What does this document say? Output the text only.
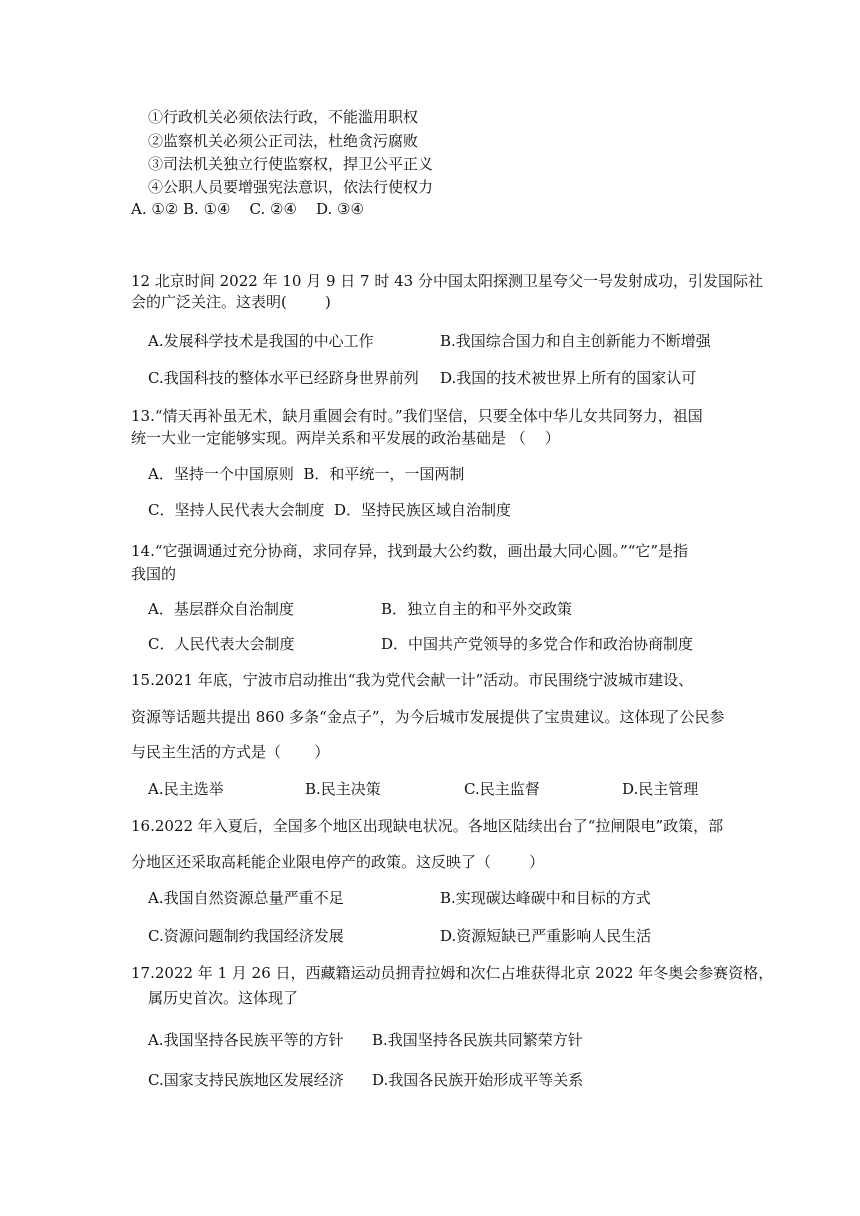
①行政机关必须依法行政，不能滥用职权
②监察机关必须公正司法，杜绝贪污腐败
③司法机关独立行使监察权，捍卫公平正义
④公职人员要增强宪法意识，依法行使权力
A. ①② B. ①④    C. ②④    D. ③④
12 北京时间 2022 年 10 月 9 日 7 时 43 分中国太阳探测卫星夸父一号发射成功，引发国际社
会的广泛关注。这表明(        )
A.发展科学技术是我国的中心工作	B.我国综合国力和自主创新能力不断增强
C.我国科技的整体水平已经跻身世界前列 D.我国的技术被世界上所有的国家认可
13.“情天再补虽无术，缺月重圆会有时。”我们坚信，只要全体中华儿女共同努力，祖国
统一大业一定能够实现。两岸关系和平发展的政治基础是 （    ）
A．坚持一个中国原则  B．和平统一，一国两制
C．坚持人民代表大会制度  D．坚持民族区域自治制度
14.“它强调通过充分协商，求同存异，找到最大公约数，画出最大同心圆。”“它”是指
我国的
A．基层群众自治制度	B．独立自主的和平外交政策
C．人民代表大会制度	D．中国共产党领导的多党合作和政治协商制度
15.2021 年底，宁波市启动推出“我为党代会献一计”活动。市民围绕宁波城市建设、
资源等话题共提出 860 多条“金点子”，为今后城市发展提供了宝贵建议。这体现了公民参
与民主生活的方式是（       ）
A.民主选举	B.民主决策	C.民主监督	D.民主管理
16.2022 年入夏后，全国多个地区出现缺电状况。各地区陆续出台了“拉闸限电”政策，部
分地区还采取高耗能企业限电停产的政策。这反映了（        ）
A.我国自然资源总量严重不足	B.实现碳达峰碳中和目标的方式
C.资源问题制约我国经济发展	D.资源短缺已严重影响人民生活
17.2022 年 1 月 26 日，西藏籍运动员拥青拉姆和次仁占堆获得北京 2022 年冬奥会参赛资格，
属历史首次。这体现了
A.我国坚持各民族平等的方针 B.我国坚持各民族共同繁荣方针
C.国家支持民族地区发展经济 D.我国各民族开始形成平等关系
